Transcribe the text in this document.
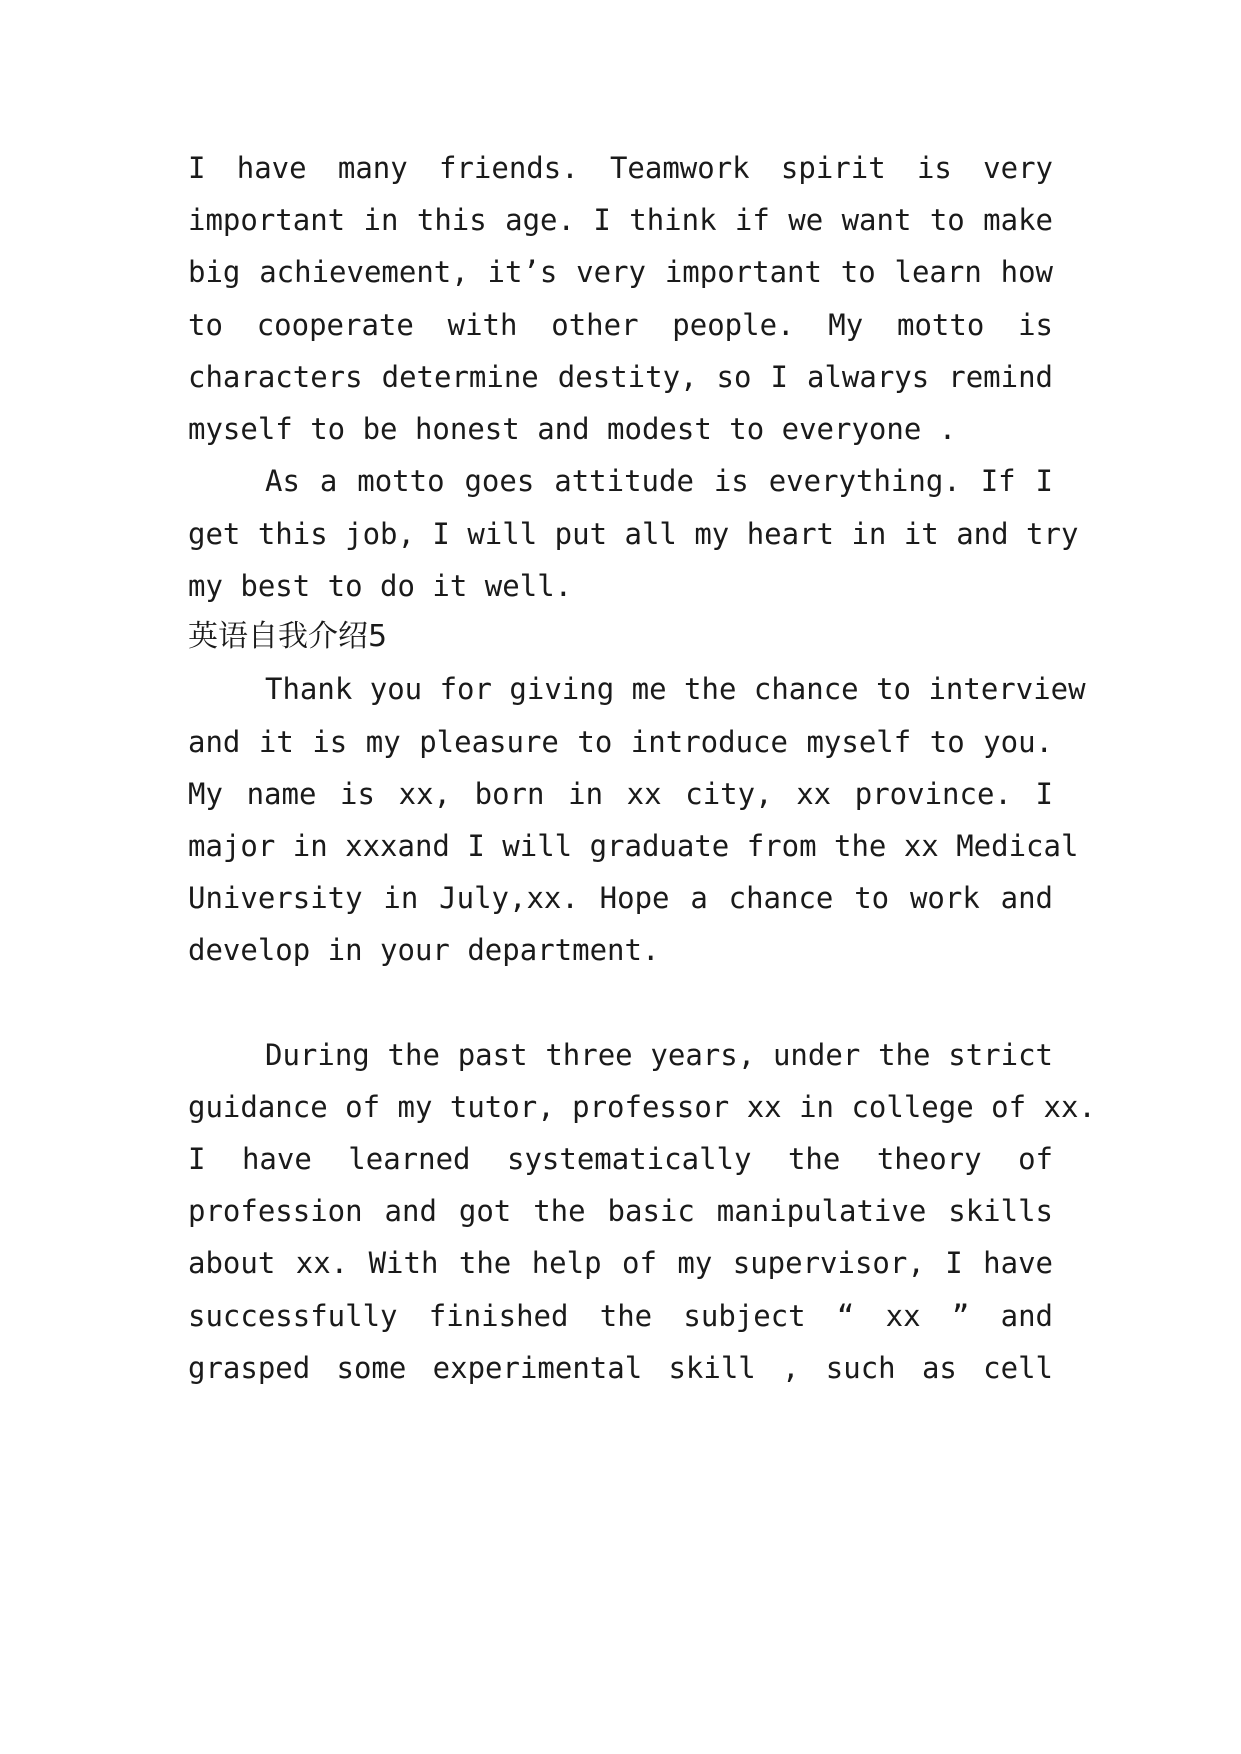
I have many friends. Teamwork spirit is very
important in this age. I think if we want to make
big achievement, it’s very important to learn how
to cooperate with other people. My motto is
characters determine destity, so I alwarys remind
myself to be honest and modest to everyone .
As a motto goes attitude is everything. If I
get this job, I will put all my heart in it and try
my best to do it well.
英语自我介绍5
Thank you for giving me the chance to interview
and it is my pleasure to introduce myself to you.
My name is xx, born in xx city, xx province. I
major in xxxand I will graduate from the xx Medical
University in July,xx. Hope a chance to work and
develop in your department.
During the past three years, under the strict
guidance of my tutor, professor xx in college of xx.
I have learned systematically the theory of
profession and got the basic manipulative skills
about xx. With the help of my supervisor, I have
successfully finished the subject “ xx ” and
grasped some experimental skill , such as cell
